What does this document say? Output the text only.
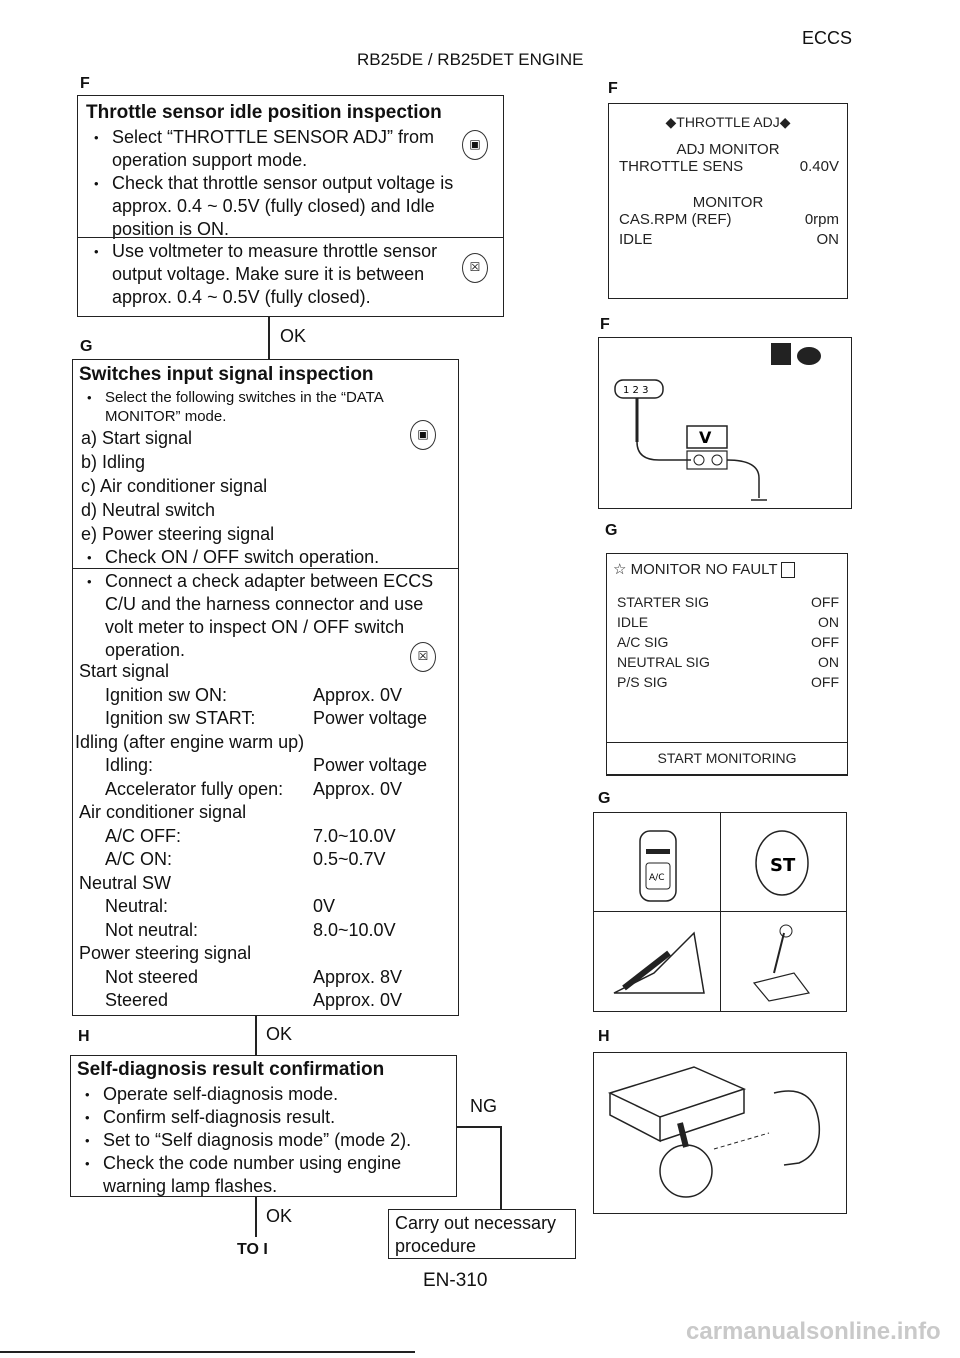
RB25DE / RB25DET ENGINE
ECCS
F
Throttle sensor idle position inspection
• Select “THROTTLE SENSOR ADJ” from operation support mode.
• Check that throttle sensor output voltage is approx. 0.4 ~ 0.5V (fully closed) and Idle position is ON.
• Use voltmeter to measure throttle sensor output voltage. Make sure it is between approx. 0.4 ~ 0.5V (fully closed).
▣
☒
OK
G
Switches input signal inspection
• Select the following switches in the “DATA MONITOR” mode.
a) Start signal
b) Idling
c) Air conditioner signal
d) Neutral switch
e) Power steering signal
• Check ON / OFF switch operation.
• Connect a check adapter between ECCS C/U and the harness connector and use volt meter to inspect ON / OFF switch operation.
Start signal
Ignition sw ON:	Approx. 0V
Ignition sw START:	Power voltage
Idling (after engine warm up)
Idling:	Power voltage
Accelerator fully open: Approx. 0V
Air conditioner signal
A/C OFF:	7.0~10.0V
A/C ON:	0.5~0.7V
Neutral SW
Neutral:	0V
Not neutral:	8.0~10.0V
Power steering signal
Not steered	Approx. 8V
Steered	Approx. 0V
▣
☒
OK
H
Self-diagnosis result confirmation
• Operate self-diagnosis mode.
• Confirm self-diagnosis result.
• Set to “Self diagnosis mode” (mode 2).
• Check the code number using engine warning lamp flashes.
NG
OK
TO I
Carry out necessary procedure
EN-310
F
◆THROTTLE ADJ◆
ADJ MONITOR
THROTTLE SENS	0.40V
MONITOR
CAS.RPM (REF)	0rpm
IDLE	ON
F
1 2 3
V
G
☆ MONITOR NO FAULT
STARTER SIG	OFF
IDLE	ON
A/C SIG	OFF
NEUTRAL SIG	ON
P/S SIG	OFF
START MONITORING
G
A/C
ST
H
carmanualsonline.info
